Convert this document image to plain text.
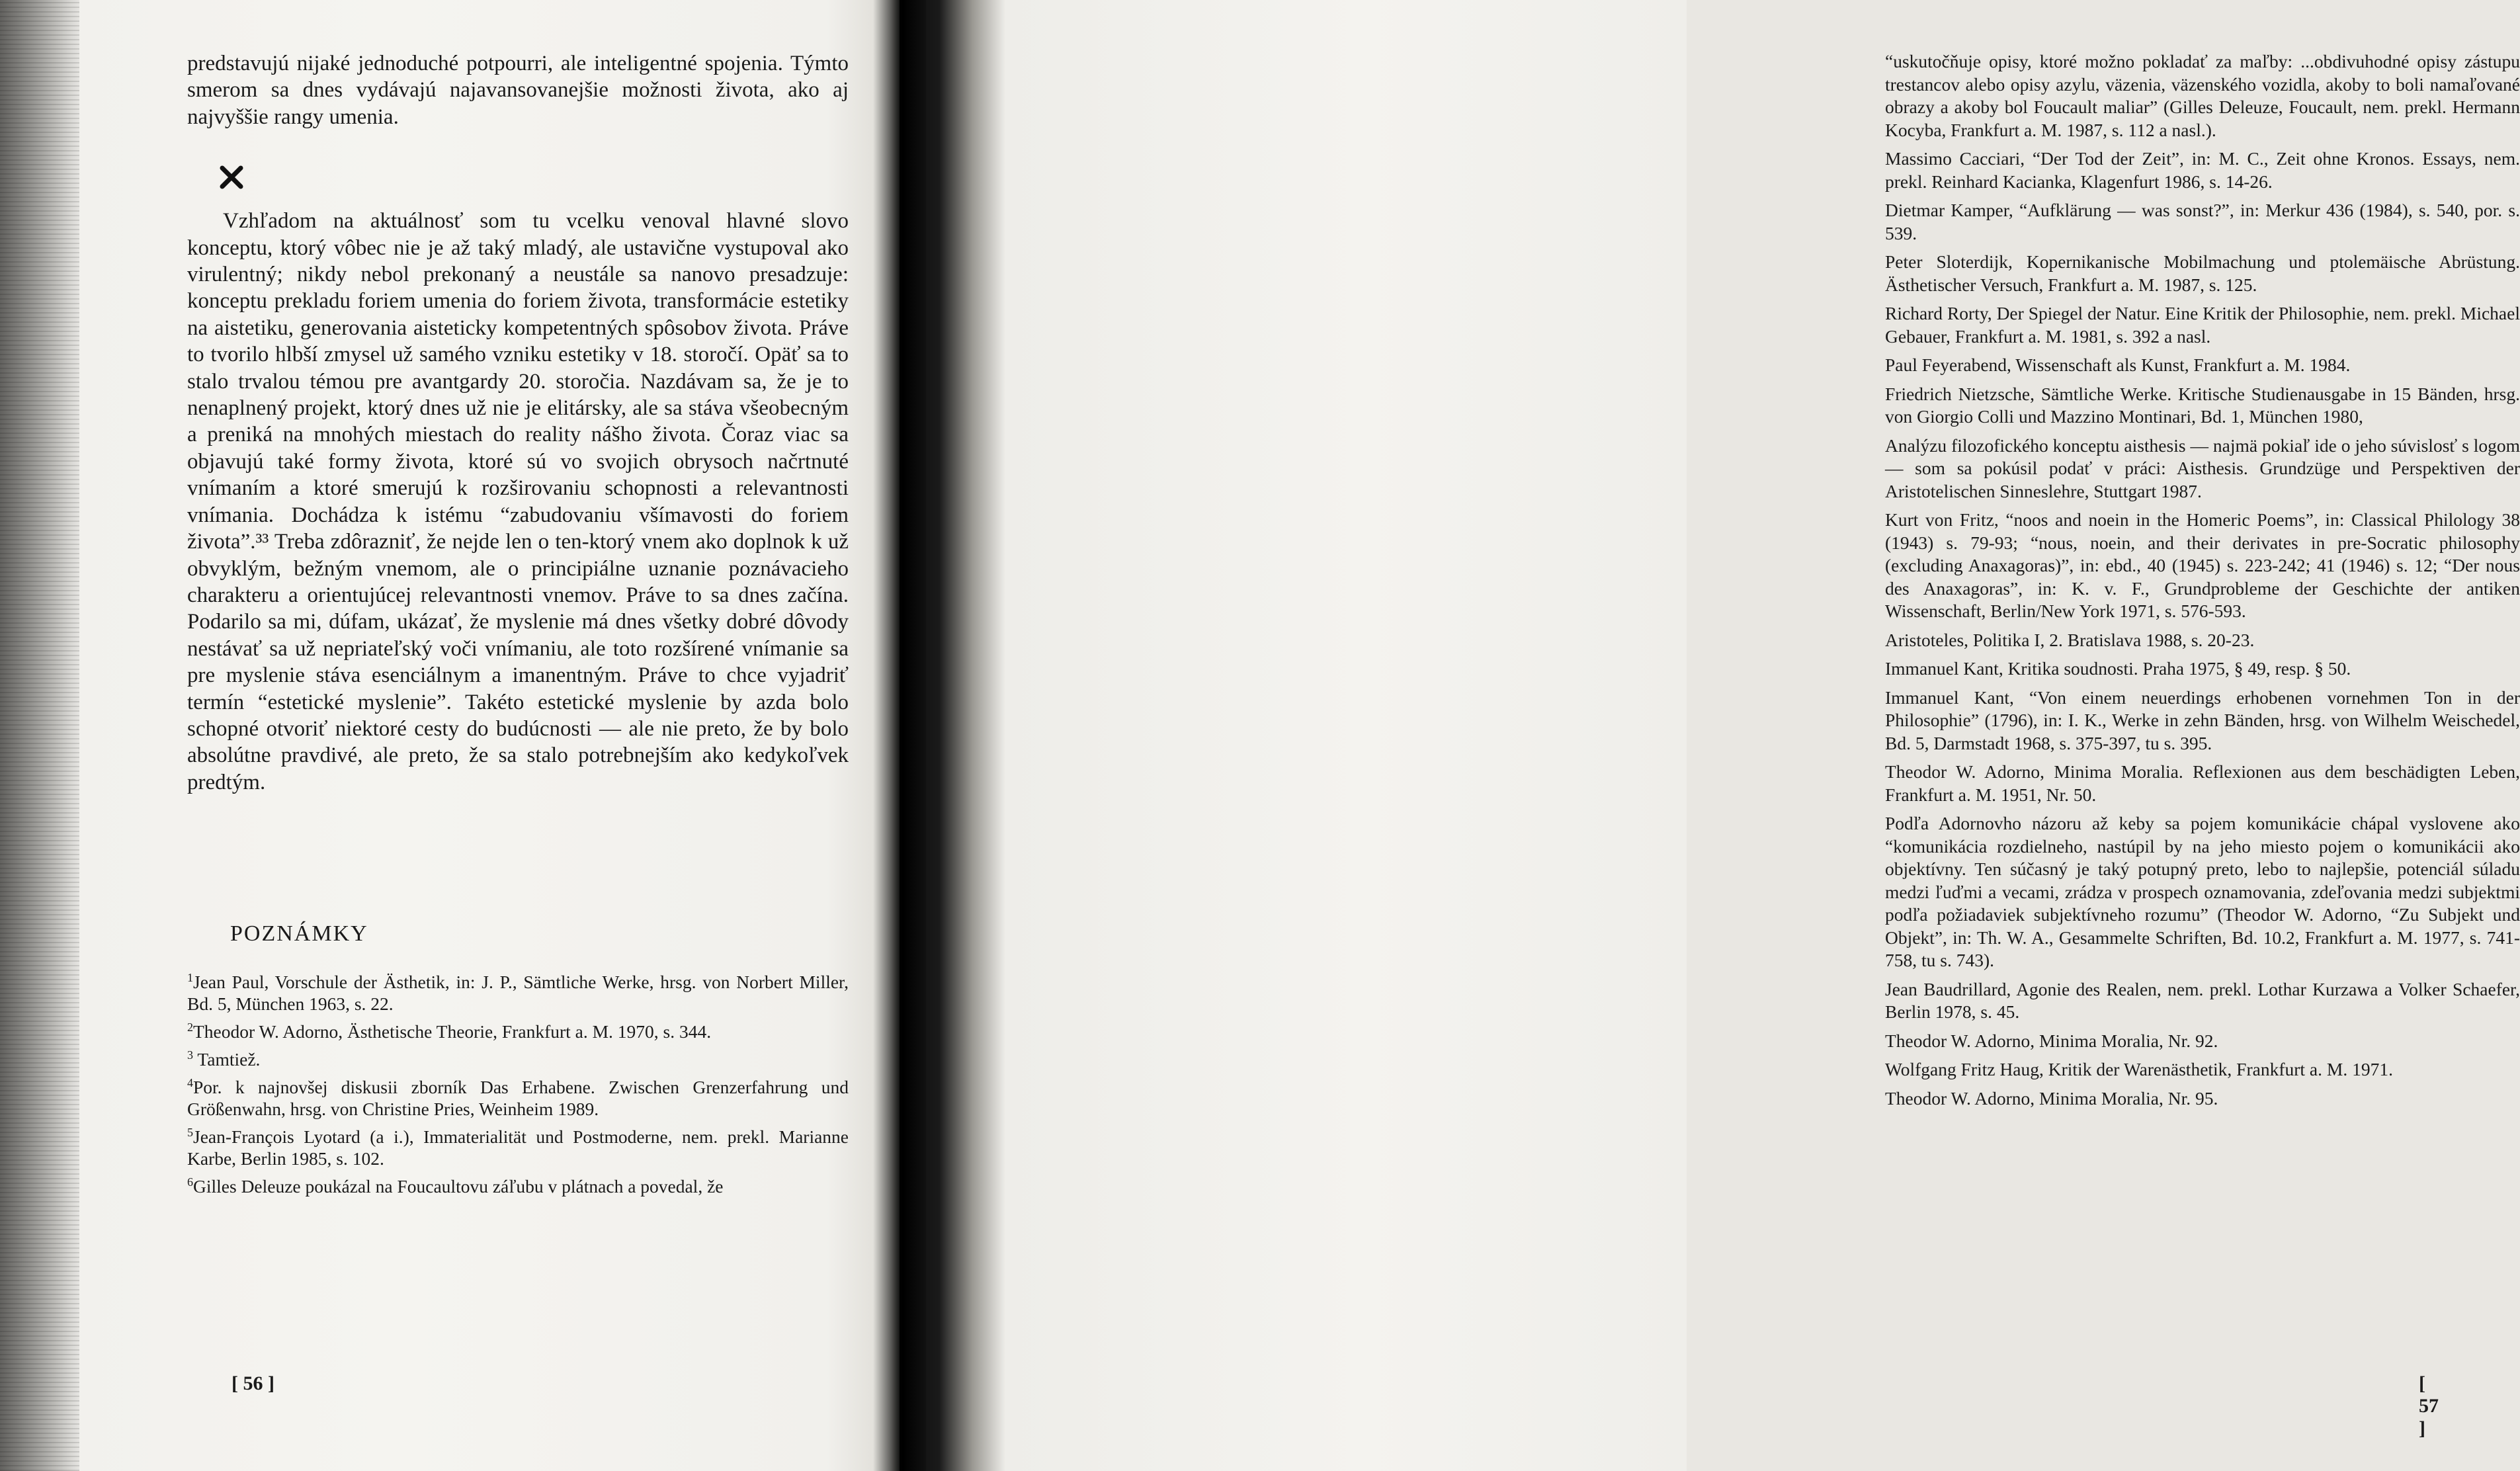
predstavujú nijaké jednoduché potpourri, ale inteligentné spojenia. Týmto smerom sa dnes vydávajú najavansovanejšie možnosti života, ako aj najvyššie rangy umenia.

Vzhľadom na aktuálnosť som tu vcelku venoval hlavné slovo konceptu, ktorý vôbec nie je až taký mladý, ale ustavične vystupoval ako virulentný; nikdy nebol prekonaný a neustále sa nanovo presadzuje: konceptu prekladu foriem umenia do foriem života, transformácie estetiky na aistetiku, generovania aisteticky kompetentných spôsobov života. Práve to tvorilo hlbší zmysel už samého vzniku estetiky v 18. storočí. Opäť sa to stalo trvalou témou pre avantgardy 20. storočia. Nazdávam sa, že je to nenaplnený projekt, ktorý dnes už nie je elitársky, ale sa stáva všeobecným a preniká na mnohých miestach do reality nášho života. Čoraz viac sa objavujú také formy života, ktoré sú vo svojich obrysoch načrtnuté vnímaním a ktoré smerujú k rozširovaniu schopnosti a relevantnosti vnímania. Dochádza k istému “zabudovaniu všímavosti do foriem života”.³³ Treba zdôrazniť, že nejde len o ten-ktorý vnem ako doplnok k už obvyklým, bežným vnemom, ale o principiálne uznanie poznávacieho charakteru a orientujúcej relevantnosti vnemov. Práve to sa dnes začína. Podarilo sa mi, dúfam, ukázať, že myslenie má dnes všetky dobré dôvody nestávať sa už nepriateľský voči vnímaniu, ale toto rozšírené vnímanie sa pre myslenie stáva esenciálnym a imanentným. Práve to chce vyjadriť termín “estetické myslenie”. Takéto estetické myslenie by azda bolo schopné otvoriť niektoré cesty do budúcnosti — ale nie preto, že by bolo absolútne pravdivé, ale preto, že sa stalo potrebnejším ako kedykoľvek predtým.

POZNÁMKY

$^1$Jean Paul, Vorschule der Ästhetik, in: J. P., Sämtliche Werke, hrsg. von Norbert Miller, Bd. 5, München 1963, s. 22.

$^2$Theodor W. Adorno, Ästhetische Theorie, Frankfurt a. M. 1970, s. 344.

$^3$ Tamtiež.

$^4$Por. k najnovšej diskusii zborník Das Erhabene. Zwischen Grenzerfahrung und Größenwahn, hrsg. von Christine Pries, Weinheim 1989.

$^5$Jean-François Lyotard (a i.), Immaterialität und Postmoderne, nem. prekl. Marianne Karbe, Berlin 1985, s. 102.

$^6$Gilles Deleuze poukázal na Foucaultovu záľubu v plátnach a povedal, že

[ 56 ]

“uskutočňuje opisy, ktoré možno pokladať za maľby: ...obdivuhodné opisy zástupu trestancov alebo opisy azylu, väzenia, väzenského vozidla, akoby to boli namaľované obrazy a akoby bol Foucault maliar” (Gilles Deleuze, Foucault, nem. prekl. Hermann Kocyba, Frankfurt a. M. 1987, s. 112 a nasl.).

Massimo Cacciari, “Der Tod der Zeit”, in: M. C., Zeit ohne Kronos. Essays, nem. prekl. Reinhard Kacianka, Klagenfurt 1986, s. 14-26.

Dietmar Kamper, “Aufklärung — was sonst?”, in: Merkur 436 (1984), s. 540, por. s. 539.

Peter Sloterdijk, Kopernikanische Mobilmachung und ptolemäische Abrüstung. Ästhetischer Versuch, Frankfurt a. M. 1987, s. 125.

Richard Rorty, Der Spiegel der Natur. Eine Kritik der Philosophie, nem. prekl. Michael Gebauer, Frankfurt a. M. 1981, s. 392 a nasl.

Paul Feyerabend, Wissenschaft als Kunst, Frankfurt a. M. 1984.

Friedrich Nietzsche, Sämtliche Werke. Kritische Studienausgabe in 15 Bänden, hrsg. von Giorgio Colli und Mazzino Montinari, Bd. 1, München 1980,

Analýzu filozofického konceptu aisthesis — najmä pokiaľ ide o jeho súvislosť s logom — som sa pokúsil podať v práci: Aisthesis. Grundzüge und Perspektiven der Aristotelischen Sinneslehre, Stuttgart 1987.

Kurt von Fritz, “noos and noein in the Homeric Poems”, in: Classical Philology 38 (1943) s. 79-93; “nous, noein, and their derivates in pre-Socratic philosophy (excluding Anaxagoras)”, in: ebd., 40 (1945) s. 223-242; 41 (1946) s. 12; “Der nous des Anaxagoras”, in: K. v. F., Grundprobleme der Geschichte der antiken Wissenschaft, Berlin/New York 1971, s. 576-593.

Aristoteles, Politika I, 2. Bratislava 1988, s. 20-23.

Immanuel Kant, Kritika soudnosti. Praha 1975, § 49, resp. § 50.

Immanuel Kant, “Von einem neuerdings erhobenen vornehmen Ton in der Philosophie” (1796), in: I. K., Werke in zehn Bänden, hrsg. von Wilhelm Weischedel, Bd. 5, Darmstadt 1968, s. 375-397, tu s. 395.

Theodor W. Adorno, Minima Moralia. Reflexionen aus dem beschädigten Leben, Frankfurt a. M. 1951, Nr. 50.

Podľa Adornovho názoru až keby sa pojem komunikácie chápal vyslovene ako “komunikácia rozdielneho, nastúpil by na jeho miesto pojem o komunikácii ako objektívny. Ten súčasný je taký potupný preto, lebo to najlepšie, potenciál súladu medzi ľuďmi a vecami, zrádza v prospech oznamovania, zdeľovania medzi subjektmi podľa požiadaviek subjektívneho rozumu” (Theodor W. Adorno, “Zu Subjekt und Objekt”, in: Th. W. A., Gesammelte Schriften, Bd. 10.2, Frankfurt a. M. 1977, s. 741-758, tu s. 743).

Jean Baudrillard, Agonie des Realen, nem. prekl. Lothar Kurzawa a Volker Schaefer, Berlin 1978, s. 45.

Theodor W. Adorno, Minima Moralia, Nr. 92.

Wolfgang Fritz Haug, Kritik der Warenästhetik, Frankfurt a. M. 1971.

Theodor W. Adorno, Minima Moralia, Nr. 95.

[ 57 ]
